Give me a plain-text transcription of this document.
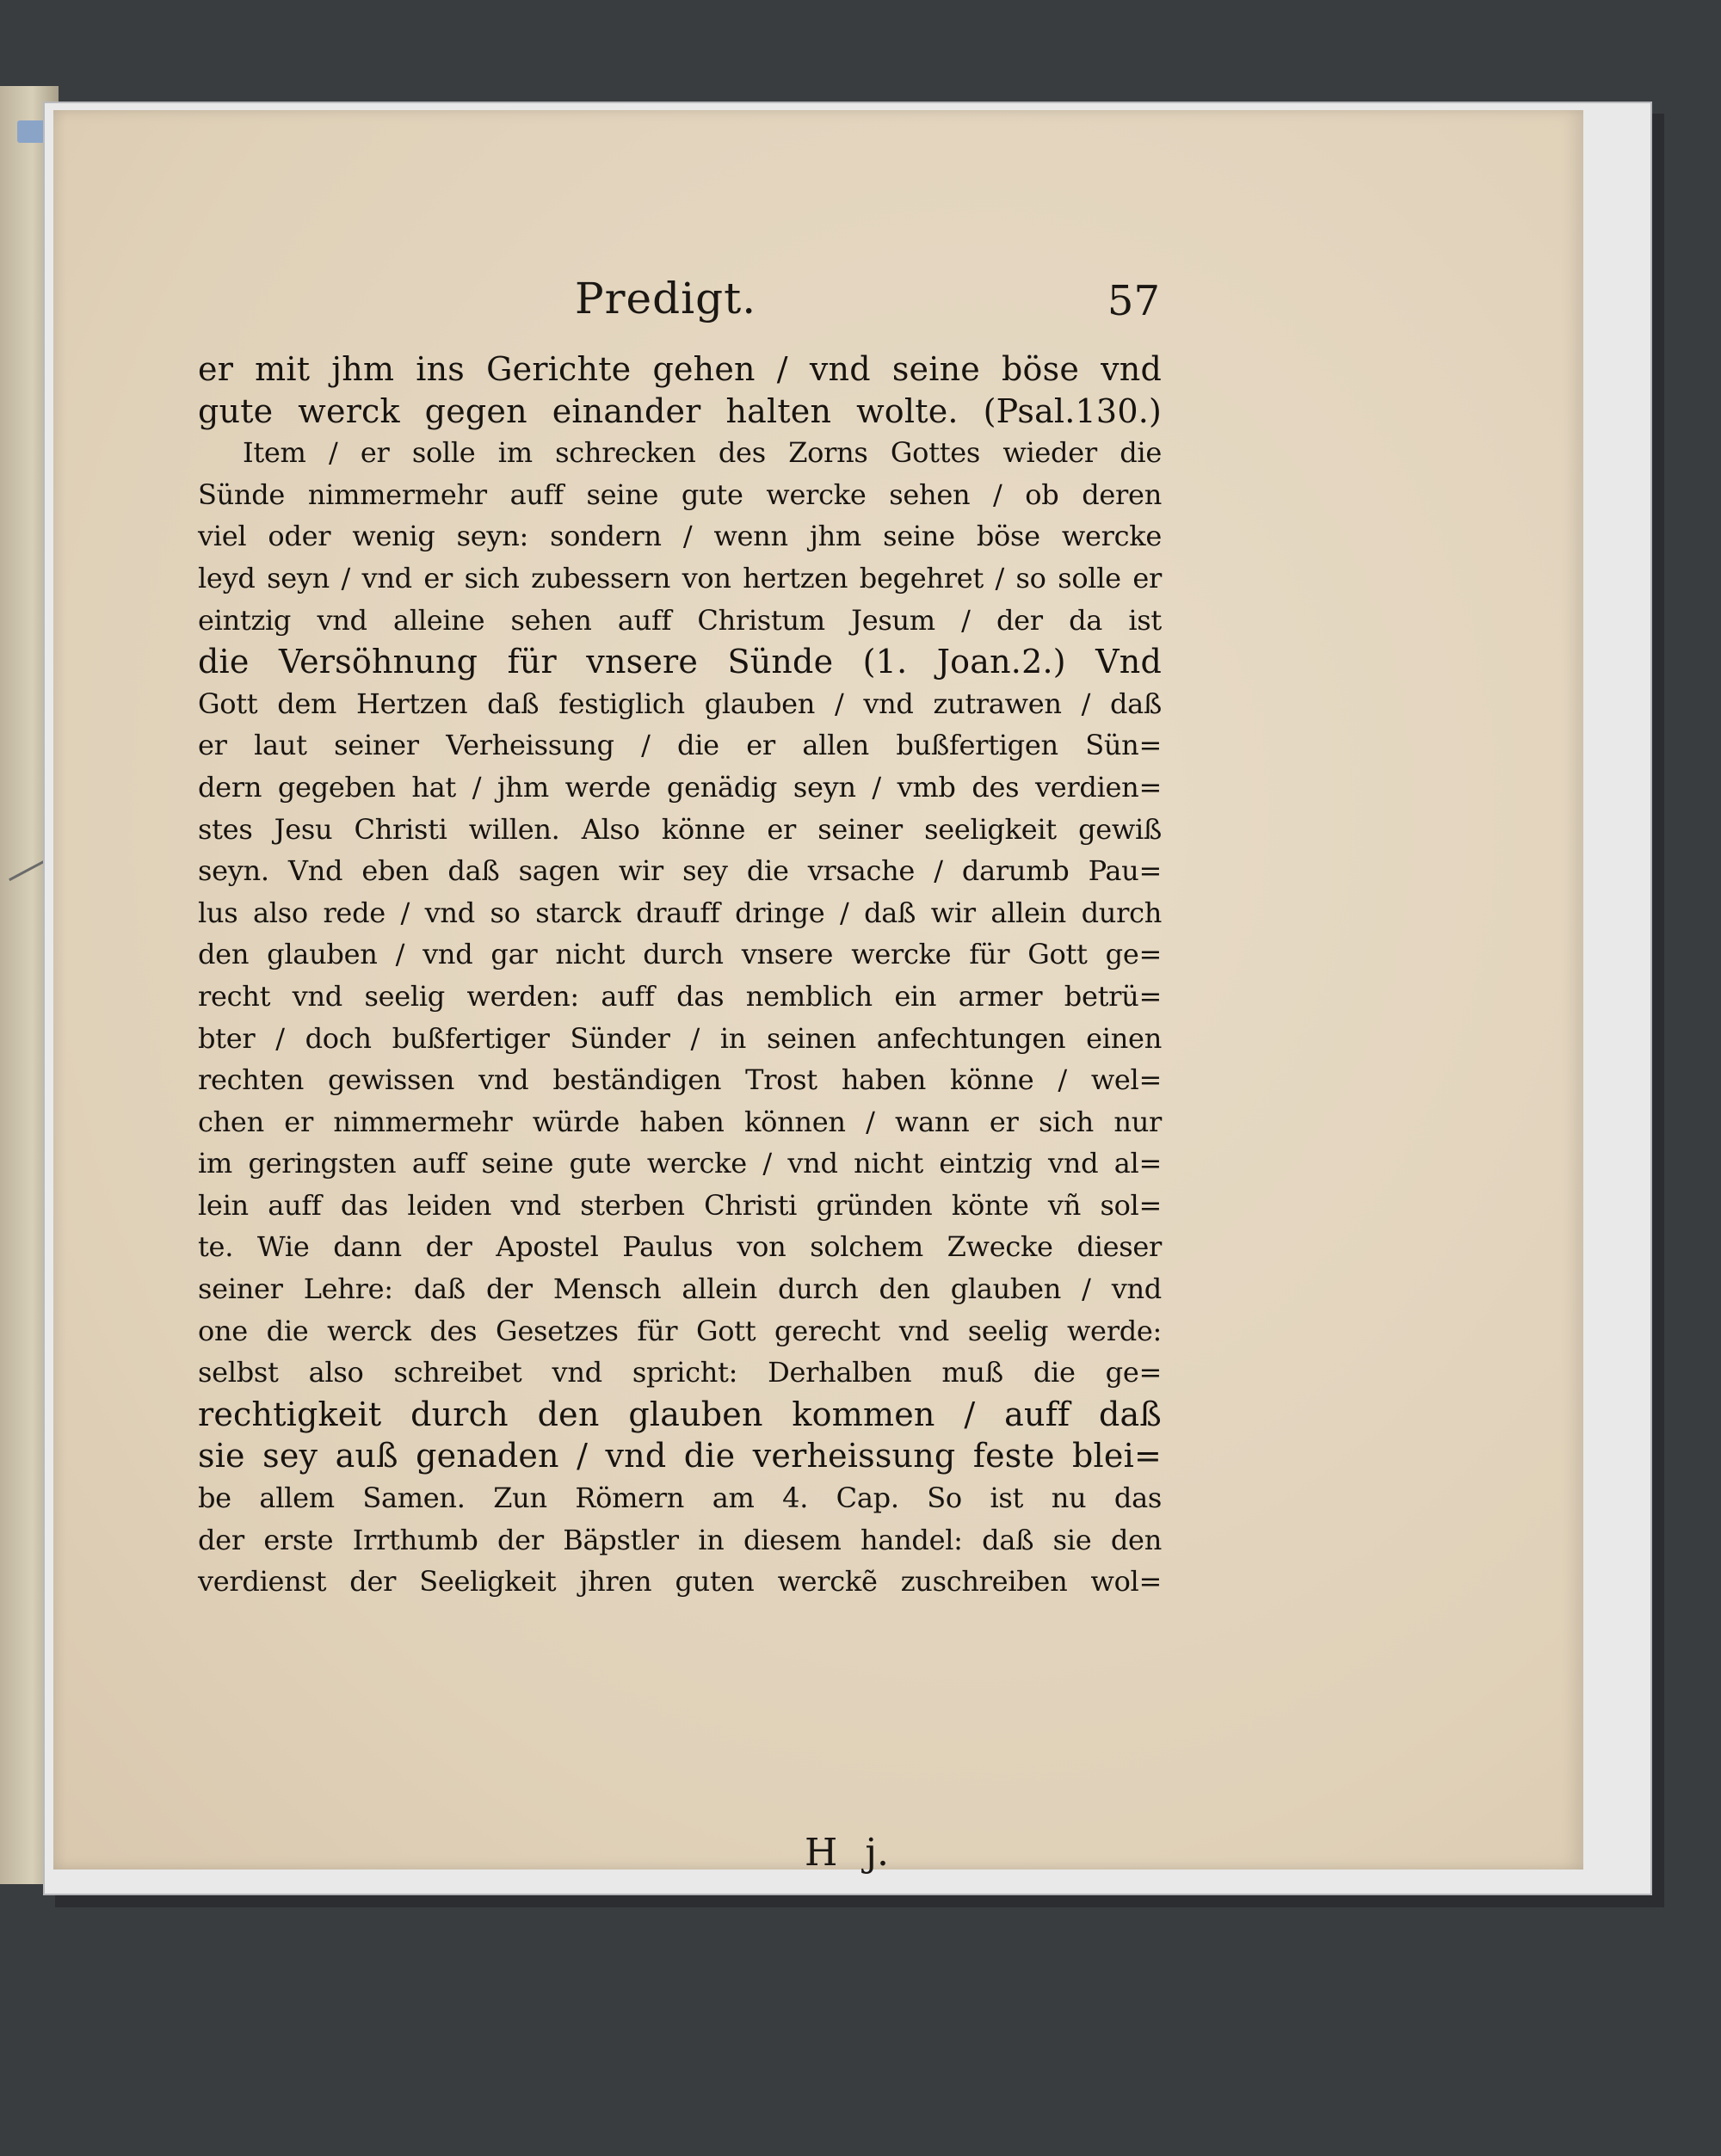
Predigt.	57
er mit jhm ins Gerichte gehen / vnd seine böse vnd
gute werck gegen einander halten wolte. (Psal.130.)
Item / er solle im schrecken des Zorns Gottes wieder die
Sünde nimmermehr auff seine gute wercke sehen / ob deren
viel oder wenig seyn: sondern / wenn jhm seine böse wercke
leyd seyn / vnd er sich zubessern von hertzen begehret / so solle er
eintzig vnd alleine sehen auff Christum Jesum / der da ist
die Versöhnung für vnsere Sünde (1. Joan.2.) Vnd
Gott dem Hertzen daß festiglich glauben / vnd zutrawen / daß
er laut seiner Verheissung / die er allen bußfertigen Sün=
dern gegeben hat / jhm werde genädig seyn / vmb des verdien=
stes Jesu Christi willen. Also könne er seiner seeligkeit gewiß
seyn. Vnd eben daß sagen wir sey die vrsache / darumb Pau=
lus also rede / vnd so starck drauff dringe / daß wir allein durch
den glauben / vnd gar nicht durch vnsere wercke für Gott ge=
recht vnd seelig werden: auff das nemblich ein armer betrü=
bter / doch bußfertiger Sünder / in seinen anfechtungen einen
rechten gewissen vnd beständigen Trost haben könne / wel=
chen er nimmermehr würde haben können / wann er sich nur
im geringsten auff seine gute wercke / vnd nicht eintzig vnd al=
lein auff das leiden vnd sterben Christi gründen könte vñ sol=
te. Wie dann der Apostel Paulus von solchem Zwecke dieser
seiner Lehre: daß der Mensch allein durch den glauben / vnd
one die werck des Gesetzes für Gott gerecht vnd seelig werde:
selbst also schreibet vnd spricht: Derhalben muß die ge=
rechtigkeit durch den glauben kommen / auff daß
sie sey auß genaden / vnd die verheissung feste blei=
be allem Samen. Zun Römern am 4. Cap. So ist nu das
der erste Irrthumb der Bäpstler in diesem handel: daß sie den
verdienst der Seeligkeit jhren guten werckẽ zuschreiben wol=
H j.
